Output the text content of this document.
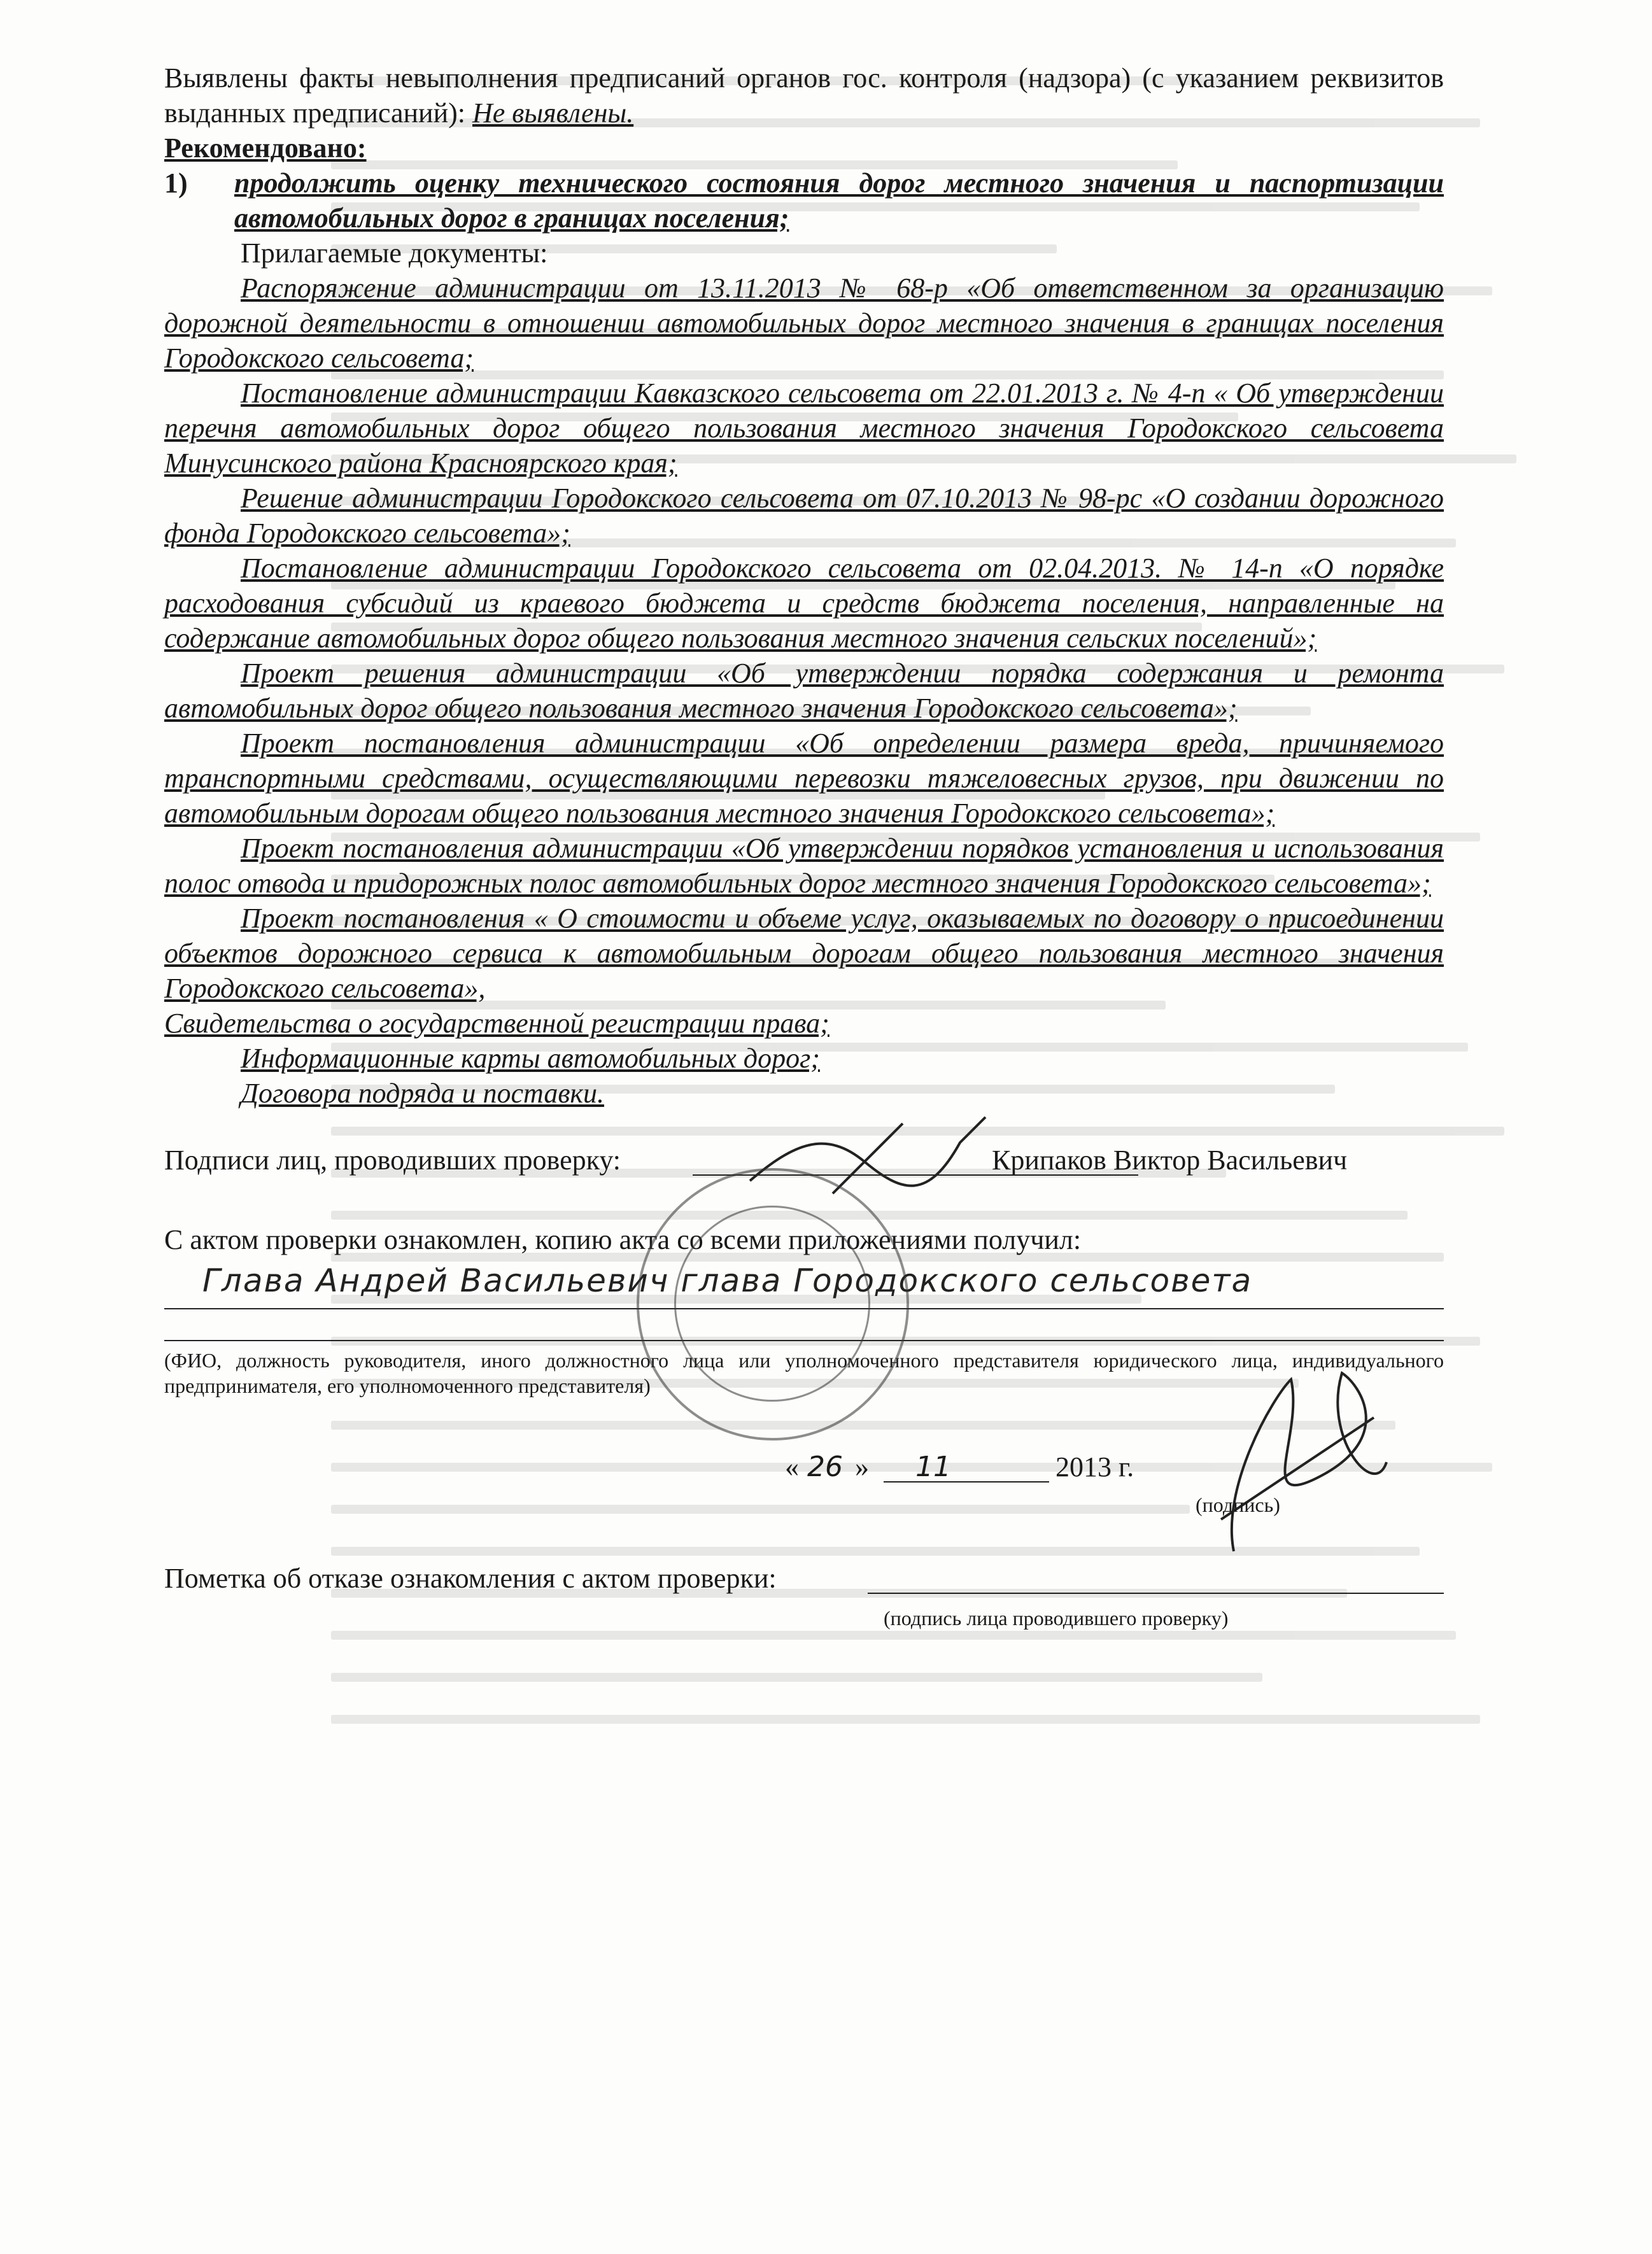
Выявлены факты невыполнения предписаний органов гос. контроля (надзора) (с указанием реквизитов выданных предписаний): Не выявлены.

Рекомендовано:

1)	продолжить оценку технического состояния дорог местного значения и паспортизации автомобильных дорог в границах поселения;

Прилагаемые документы:

Распоряжение администрации от 13.11.2013 № 68-р «Об ответственном за организацию дорожной деятельности в отношении автомобильных дорог местного значения в границах поселения Городокского сельсовета;

Постановление администрации Кавказского сельсовета от 22.01.2013 г. № 4-п « Об утверждении перечня автомобильных дорог общего пользования местного значения Городокского сельсовета Минусинского района Красноярского края;

Решение администрации Городокского сельсовета от 07.10.2013 № 98-рс «О создании дорожного фонда Городокского сельсовета»;

Постановление администрации Городокского сельсовета от 02.04.2013. № 14-п «О порядке расходования субсидий из краевого бюджета и средств бюджета поселения, направленные на содержание автомобильных дорог общего пользования местного значения сельских поселений»;

Проект решения администрации «Об утверждении порядка содержания и ремонта автомобильных дорог общего пользования местного значения Городокского сельсовета»;

Проект постановления администрации «Об определении размера вреда, причиняемого транспортными средствами, осуществляющими перевозки тяжеловесных грузов, при движении по автомобильным дорогам общего пользования местного значения Городокского сельсовета»;

Проект постановления администрации «Об утверждении порядков установления и использования полос отвода и придорожных полос автомобильных дорог местного значения Городокского сельсовета»;

Проект постановления « О стоимости и объеме услуг, оказываемых по договору о присоединении объектов дорожного сервиса к автомобильным дорогам общего пользования местного значения Городокского сельсовета»,

Свидетельства о государственной регистрации права;

Информационные карты автомобильных дорог;

Договора подряда и поставки.

Подписи лиц, проводивших проверку:	Крипаков Виктор Васильевич

С актом проверки ознакомлен, копию акта со всеми приложениями получил:

Глава Андрей Васильевич глава Городокского сельсовета

(ФИО, должность руководителя, иного должностного лица или уполномоченного представителя юридического лица, индивидуального предпринимателя, его уполномоченного представителя)

« 26 » 11	2013 г.
(подпись)
Пометка об отказе ознакомления с актом проверки:
(подпись лица проводившего проверку)
